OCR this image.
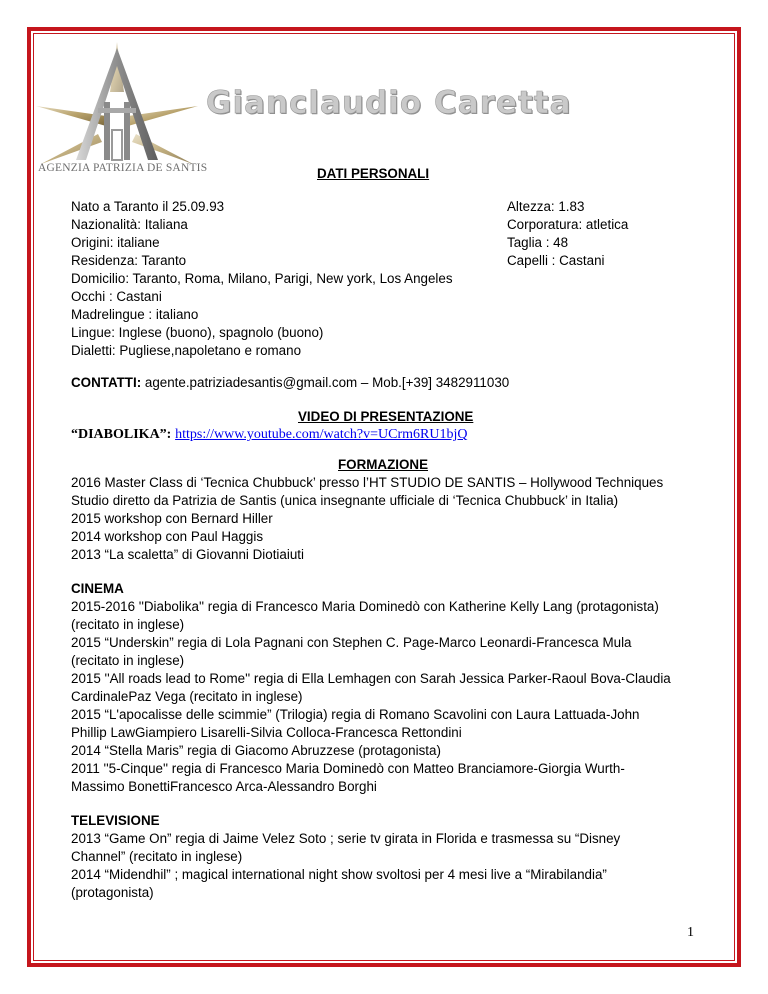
AGENZIA PATRIZIA DE SANTIS
Gianclaudio Caretta
DATI PERSONALI
Nato a Taranto il 25.09.93
Nazionalità: Italiana
Origini: italiane
Residenza: Taranto
Domicilio: Taranto, Roma, Milano, Parigi, New york, Los Angeles
Occhi : Castani
Madrelingue : italiano
Lingue: Inglese (buono), spagnolo (buono)
Dialetti: Pugliese,napoletano e romano
Altezza: 1.83
Corporatura: atletica
Taglia : 48
Capelli : Castani
CONTATTI: agente.patriziadesantis@gmail.com – Mob.[+39] 3482911030
VIDEO DI PRESENTAZIONE
“DIABOLIKA”: https://www.youtube.com/watch?v=UCrm6RU1bjQ
FORMAZIONE
2016 Master Class di ‘Tecnica Chubbuck’ presso l’HT STUDIO DE SANTIS – Hollywood Techniques
Studio diretto da Patrizia de Santis (unica insegnante ufficiale di ‘Tecnica Chubbuck’ in Italia)
2015 workshop con Bernard Hiller
2014 workshop con Paul Haggis
2013 “La scaletta” di Giovanni Diotiaiuti
CINEMA
2015-2016 ''Diabolika'' regia di Francesco Maria Dominedò con Katherine Kelly Lang (protagonista)
(recitato in inglese)
2015 “Underskin” regia di Lola Pagnani con Stephen C. Page-Marco Leonardi-Francesca Mula
(recitato in inglese)
2015 ''All roads lead to Rome'' regia di Ella Lemhagen con Sarah Jessica Parker-Raoul Bova-Claudia
CardinalePaz Vega (recitato in inglese)
2015 “L'apocalisse delle scimmie” (Trilogia) regia di Romano Scavolini con Laura Lattuada-John
Phillip LawGiampiero Lisarelli-Silvia Colloca-Francesca Rettondini
2014 “Stella Maris” regia di Giacomo Abruzzese (protagonista)
2011 ''5-Cinque'' regia di Francesco Maria Dominedò con Matteo Branciamore-Giorgia Wurth-
Massimo BonettiFrancesco Arca-Alessandro Borghi
TELEVISIONE
2013 “Game On” regia di Jaime Velez Soto ; serie tv girata in Florida e trasmessa su “Disney
Channel” (recitato in inglese)
2014 “Midendhil” ; magical international night show svoltosi per 4 mesi live a “Mirabilandia”
(protagonista)
1
